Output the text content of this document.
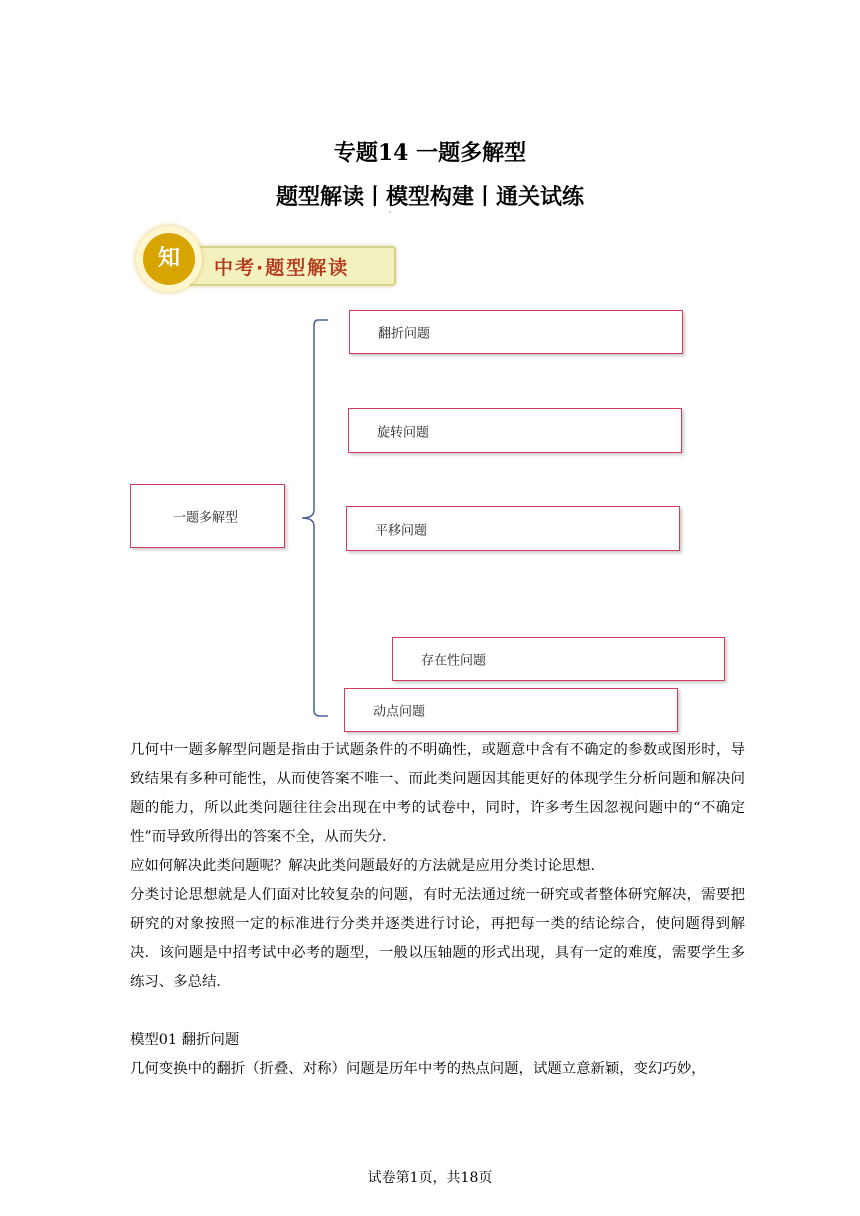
专题14 一题多解型
题型解读丨模型构建丨通关试练
ˇ
中考·题型解读
知
一题多解型
翻折问题
旋转问题
平移问题
存在性问题
动点问题
几何中一题多解型问题是指由于试题条件的不明确性，或题意中含有不确定的参数或图形时，导致结果有多种可能性，从而使答案不唯一、而此类问题因其能更好的体现学生分析问题和解决问题的能力，所以此类问题往往会出现在中考的试卷中，同时，许多考生因忽视问题中的“不确定性”而导致所得出的答案不全，从而失分．
应如何解决此类问题呢？解决此类问题最好的方法就是应用分类讨论思想．
分类讨论思想就是人们面对比较复杂的问题，有时无法通过统一研究或者整体研究解决，需要把研究的对象按照一定的标准进行分类并逐类进行讨论，再把每一类的结论综合，使问题得到解决．该问题是中招考试中必考的题型，一般以压轴题的形式出现，具有一定的难度，需要学生多练习、多总结．
模型01 翻折问题
几何变换中的翻折（折叠、对称）问题是历年中考的热点问题，试题立意新颖，变幻巧妙，
试卷第1页，共18页
